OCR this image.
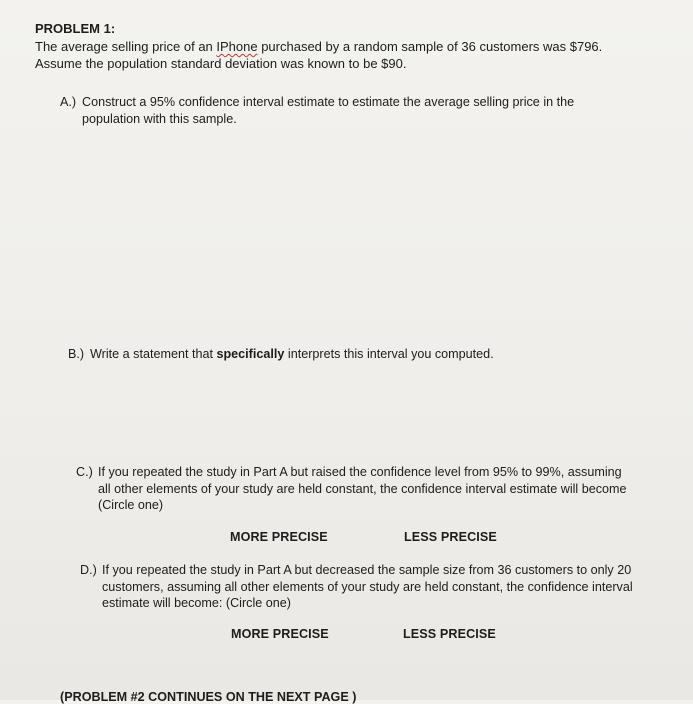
PROBLEM 1:
The average selling price of an IPhone purchased by a random sample of 36 customers was $796.
Assume the population standard deviation was known to be $90.
A.) Construct a 95% confidence interval estimate to estimate the average selling price in the
population with this sample.
B.) Write a statement that specifically interprets this interval you computed.
C.) If you repeated the study in Part A but raised the confidence level from 95% to 99%, assuming
all other elements of your study are held constant, the confidence interval estimate will become
(Circle one)
MORE PRECISE	LESS PRECISE
D.) If you repeated the study in Part A but decreased the sample size from 36 customers to only 20
customers, assuming all other elements of your study are held constant, the confidence interval
estimate will become: (Circle one)
MORE PRECISE	LESS PRECISE
(PROBLEM #2 CONTINUES ON THE NEXT PAGE )
